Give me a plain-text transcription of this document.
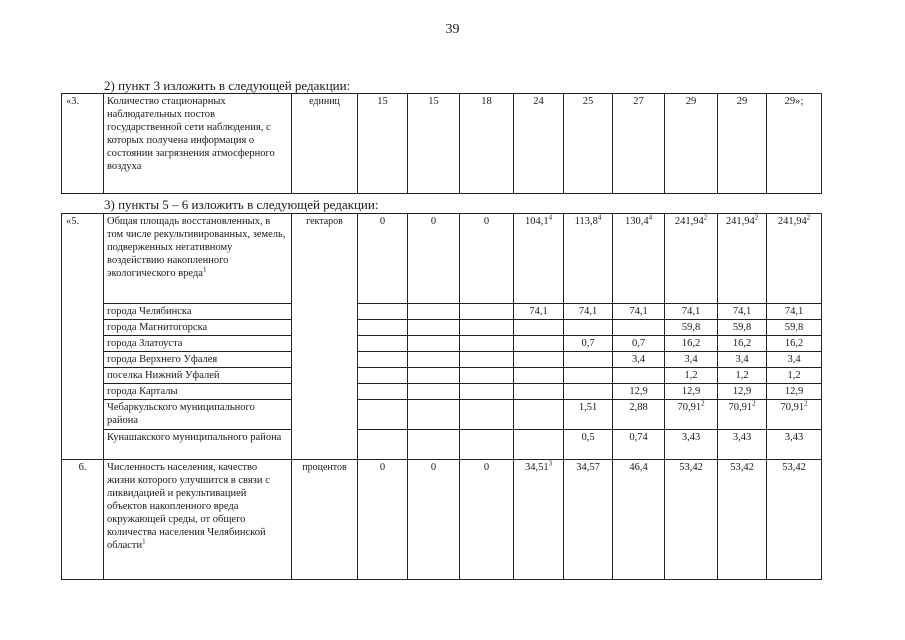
39
2) пункт 3 изложить в следующей редакции:
«3.	Количество стационарных наблюдательных постов государственной сети наблюдения, с которых получена информация о состоянии загрязнения атмосферного воздуха	единиц	15	15	18	24	25	27	29	29	29»;
3) пункты 5 – 6 изложить в следующей редакции:
«5.	Общая площадь восстановленных, в том числе рекультивированных, земель, подверженных негативному воздействию накопленного экологического вреда$^1$	гектаров	0	0	0	104,1$^4$	113,8$^4$	130,4$^4$	241,94$^2$	241,94$^2$	241,94$^2$
	города Челябинска					74,1	74,1	74,1	74,1	74,1	74,1
	города Магнитогорска								59,8	59,8	59,8
	города Златоуста						0,7	0,7	16,2	16,2	16,2
	города Верхнего Уфалея							3,4	3,4	3,4	3,4
	поселка Нижний Уфалей								1,2	1,2	1,2
	города Карталы							12,9	12,9	12,9	12,9
	Чебаркульского муниципального района						1,51	2,88	70,91$^2$	70,91$^2$	70,91$^2$
	Кунашакского муниципального района						0,5	0,74	3,43	3,43	3,43
6.	Численность населения, качество жизни которого улучшится в связи с ликвидацией и рекультивацией объектов накопленного вреда окружающей среды, от общего количества населения Челябинской области$^1$	процентов	0	0	0	34,51$^3$	34,57	46,4	53,42	53,42	53,42
